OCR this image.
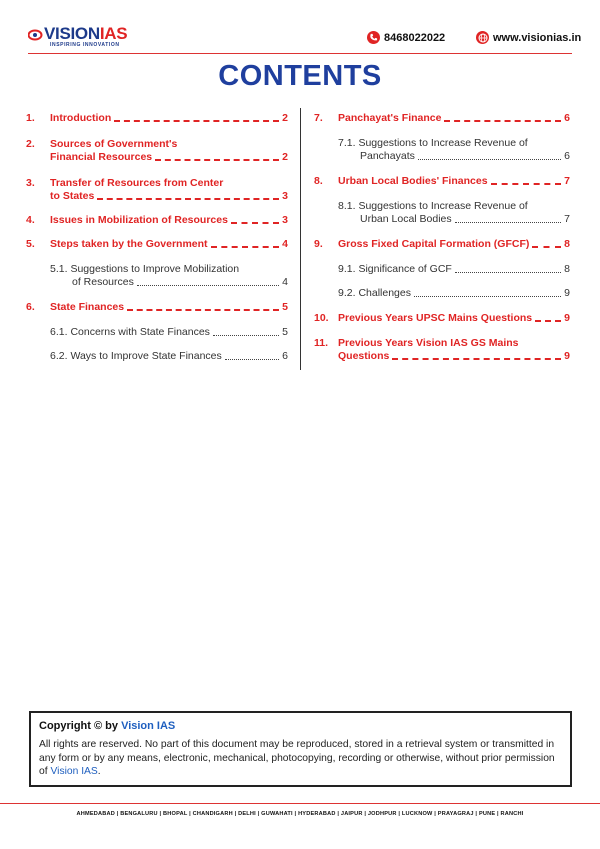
VISIONIAS
INSPIRING INNOVATION
8468022022	www.visionias.in
CONTENTS
1. Introduction	2
2. Sources of Government's
Financial Resources	2
3. Transfer of Resources from Center
to States	3
4. Issues in Mobilization of Resources	3
5. Steps taken by the Government	4
5.1. Suggestions to Improve Mobilization
of Resources	4
6. State Finances	5
6.1. Concerns with State Finances	5
6.2. Ways to Improve State Finances	6
7. Panchayat's Finance	6
7.1. Suggestions to Increase Revenue of
Panchayats	6
8. Urban Local Bodies' Finances	7
8.1. Suggestions to Increase Revenue of
Urban Local Bodies	7
9. Gross Fixed Capital Formation (GFCF)	8
9.1. Significance of GCF	8
9.2. Challenges	9
10. Previous Years UPSC Mains Questions	9
11. Previous Years Vision IAS GS Mains
Questions	9
Copyright © by Vision IAS
All rights are reserved. No part of this document may be reproduced, stored in a retrieval system or transmitted in any form or by any means, electronic, mechanical, photocopying, recording or otherwise, without prior permission of Vision IAS.
AHMEDABAD | BENGALURU | BHOPAL | CHANDIGARH | DELHI | GUWAHATI | HYDERABAD | JAIPUR | JODHPUR | LUCKNOW | PRAYAGRAJ | PUNE | RANCHI
